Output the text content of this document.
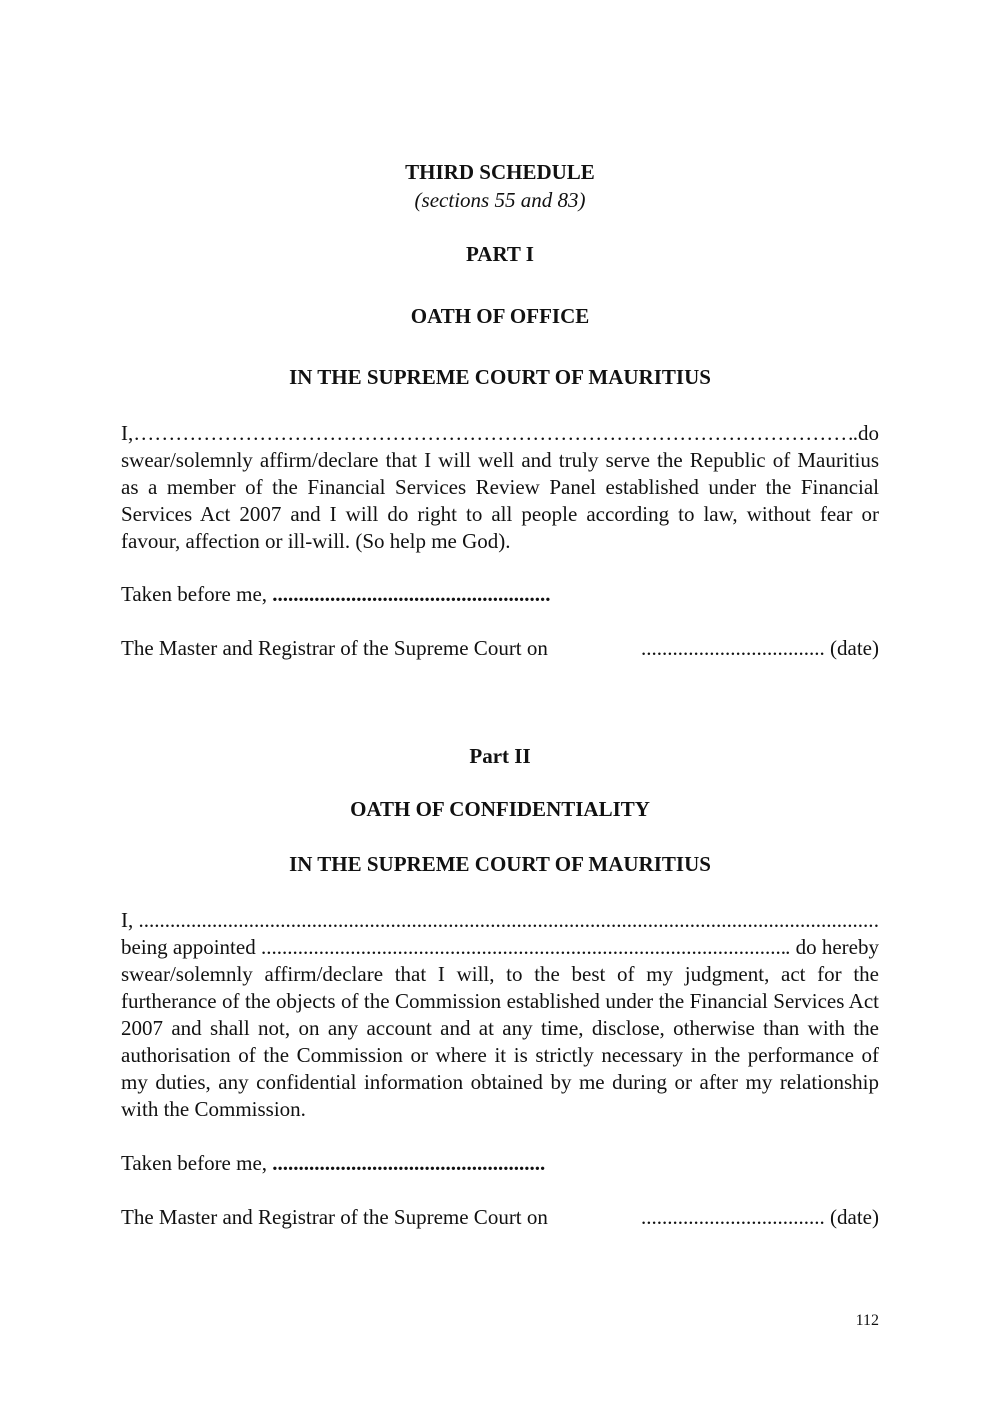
THIRD SCHEDULE
(sections 55 and 83)
PART I
OATH OF OFFICE
IN THE SUPREME COURT OF MAURITIUS
I, ………………………………………………………………………………………………………………………………………	.do
swear/solemnly affirm/declare that I will well and truly serve the Republic of Mauritius as a member of the Financial Services Review Panel established under the Financial Services Act 2007 and I will do right to all people according to law, without fear or favour, affection or ill-will. (So help me God).
Taken before me, .....................................................
The Master and Registrar of the Supreme Court on	................................... (date)
Part II
OATH OF CONFIDENTIALITY
IN THE SUPREME COURT OF MAURITIUS
I,
.....	.
being appointed
.....	. do hereby
swear/solemnly affirm/declare that I will, to the best of my judgment, act for the furtherance of the objects of the Commission established under the Financial Services Act 2007 and shall not, on any account and at any time, disclose, otherwise than with the authorisation of the Commission or where it is strictly necessary in the performance of my duties, any confidential information obtained by me during or after my relationship with the Commission.
Taken before me, ....................................................
The Master and Registrar of the Supreme Court on	................................... (date)
112
